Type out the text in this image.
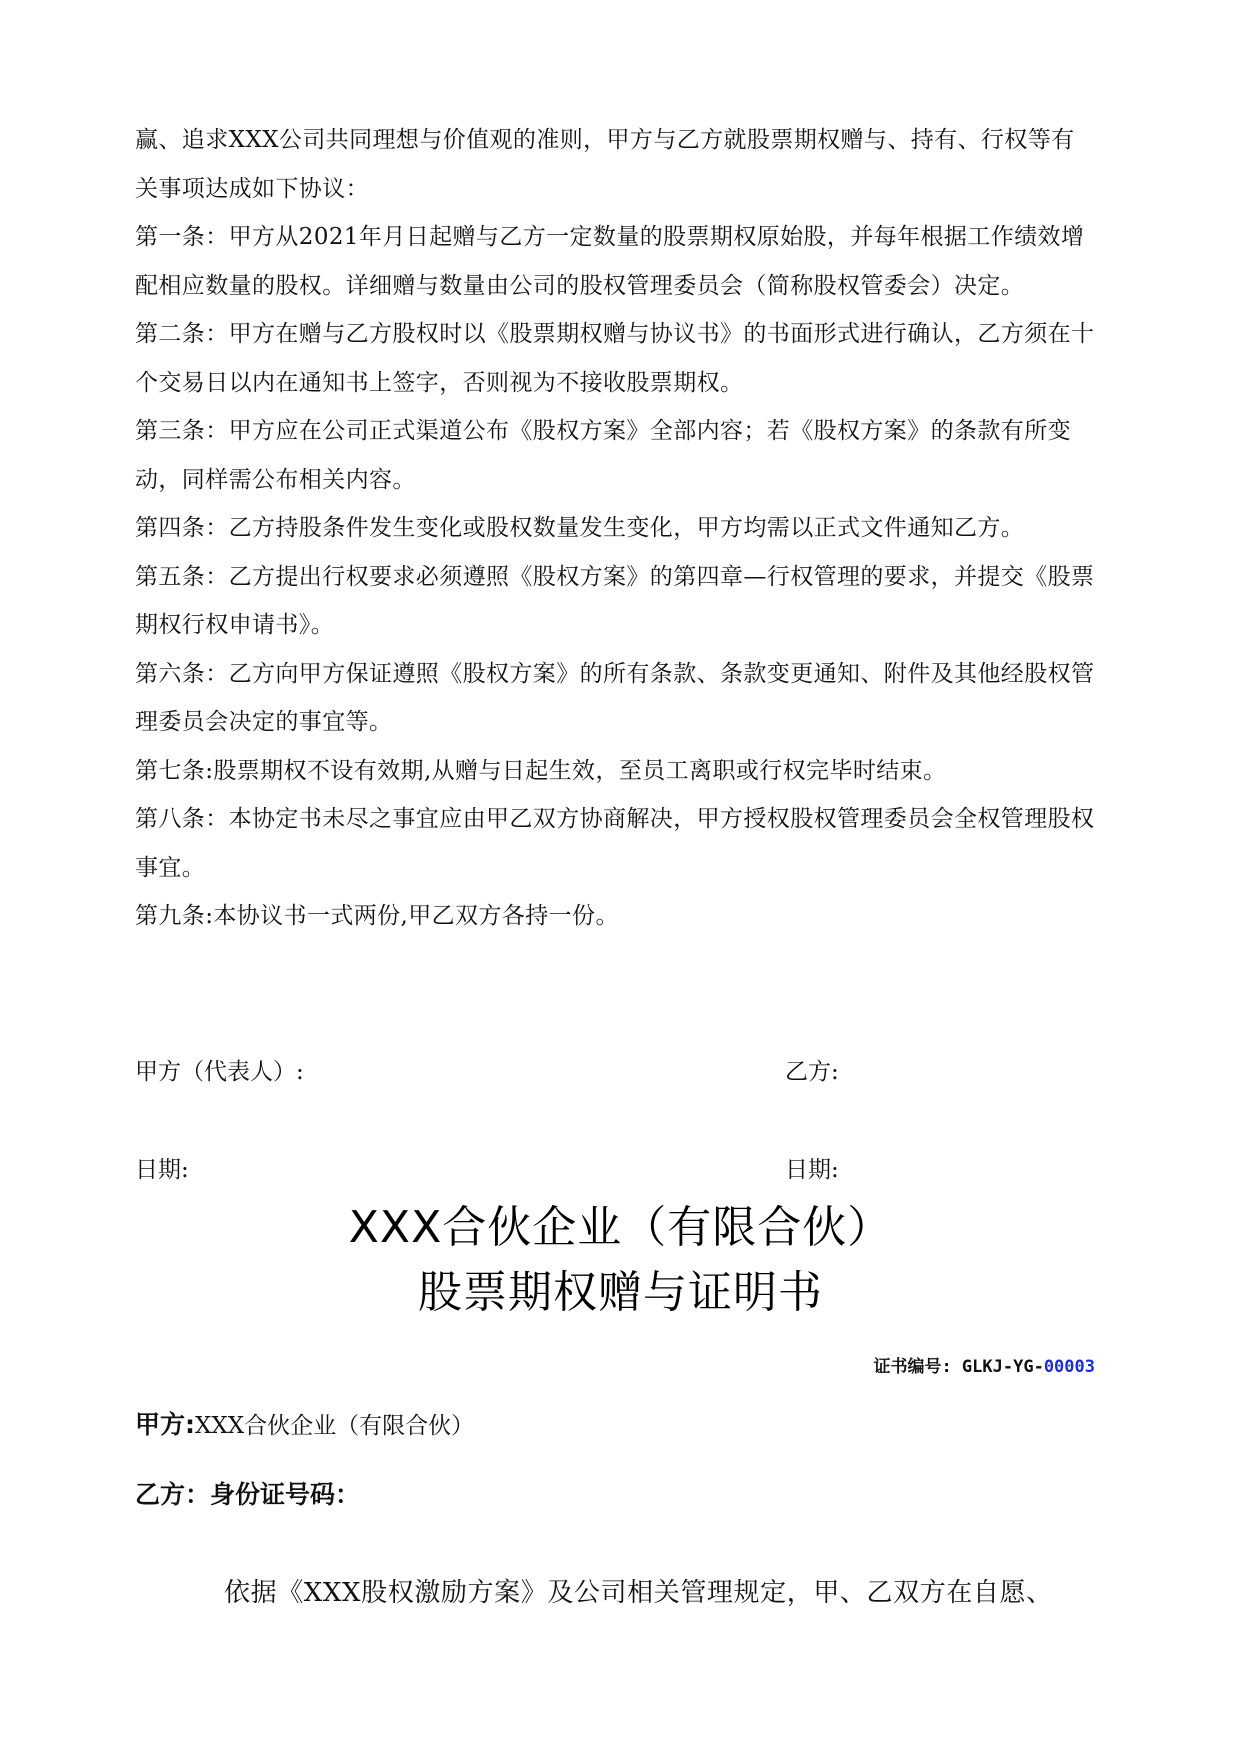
赢、追求XXX公司共同理想与价值观的准则，甲方与乙方就股票期权赠与、持有、行权等有关事项达成如下协议：

第一条：甲方从2021年月日起赠与乙方一定数量的股票期权原始股，并每年根据工作绩效增配相应数量的股权。详细赠与数量由公司的股权管理委员会（简称股权管委会）决定。

第二条：甲方在赠与乙方股权时以《股票期权赠与协议书》的书面形式进行确认，乙方须在十个交易日以内在通知书上签字，否则视为不接收股票期权。

第三条：甲方应在公司正式渠道公布《股权方案》全部内容；若《股权方案》的条款有所变动，同样需公布相关内容。

第四条：乙方持股条件发生变化或股权数量发生变化，甲方均需以正式文件通知乙方。

第五条：乙方提出行权要求必须遵照《股权方案》的第四章—行权管理的要求，并提交《股票期权行权申请书》。

第六条：乙方向甲方保证遵照《股权方案》的所有条款、条款变更通知、附件及其他经股权管理委员会决定的事宜等。

第七条:股票期权不设有效期,从赠与日起生效，至员工离职或行权完毕时结束。

第八条：本协定书未尽之事宜应由甲乙双方协商解决，甲方授权股权管理委员会全权管理股权事宜。

第九条:本协议书一式两份,甲乙双方各持一份。

甲方（代表人）:	乙方:
日期:	日期:
XXX合伙企业（有限合伙）
股票期权赠与证明书
证书编号: GLKJ-YG-00003
甲方:XXX合伙企业（有限合伙）
乙方：身份证号码：
依据《XXX股权激励方案》及公司相关管理规定，甲、乙双方在自愿、
